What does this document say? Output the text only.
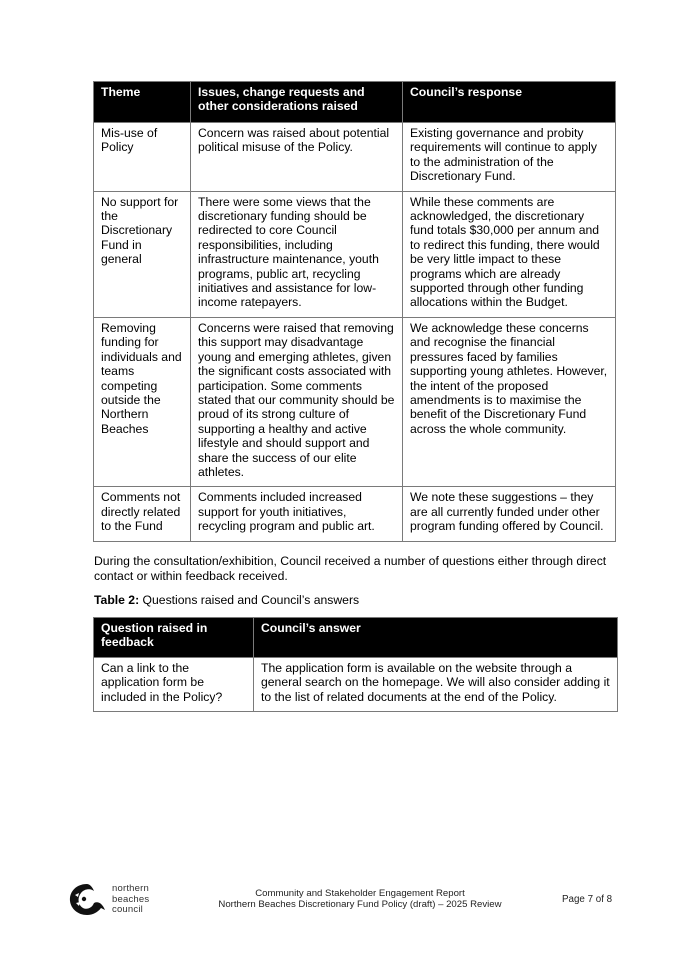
Theme	Issues, change requests and other considerations raised	Council’s response
Mis-use of Policy	Concern was raised about potential political misuse of the Policy.	Existing governance and probity requirements will continue to apply to the administration of the Discretionary Fund.
No support for the Discretionary Fund in general	There were some views that the discretionary funding should be redirected to core Council responsibilities, including infrastructure maintenance, youth programs, public art, recycling initiatives and assistance for low-income ratepayers.	While these comments are acknowledged, the discretionary fund totals $30,000 per annum and to redirect this funding, there would be very little impact to these programs which are already supported through other funding allocations within the Budget.
Removing funding for individuals and teams competing outside the Northern Beaches	Concerns were raised that removing this support may disadvantage young and emerging athletes, given the significant costs associated with participation. Some comments stated that our community should be proud of its strong culture of supporting a healthy and active lifestyle and should support and share the success of our elite athletes.	We acknowledge these concerns and recognise the financial pressures faced by families supporting young athletes. However, the intent of the proposed amendments is to maximise the benefit of the Discretionary Fund across the whole community.
Comments not directly related to the Fund	Comments included increased support for youth initiatives, recycling program and public art.	We note these suggestions – they are all currently funded under other program funding offered by Council.

During the consultation/exhibition, Council received a number of questions either through direct contact or within feedback received.

Table 2: Questions raised and Council’s answers
Question raised in feedback	Council’s answer
Can a link to the application form be included in the Policy?	The application form is available on the website through a general search on the homepage. We will also consider adding it to the list of related documents at the end of the Policy.
northern
beaches
council
Community and Stakeholder Engagement Report
Northern Beaches Discretionary Fund Policy (draft) – 2025 Review	Page 7 of 8
